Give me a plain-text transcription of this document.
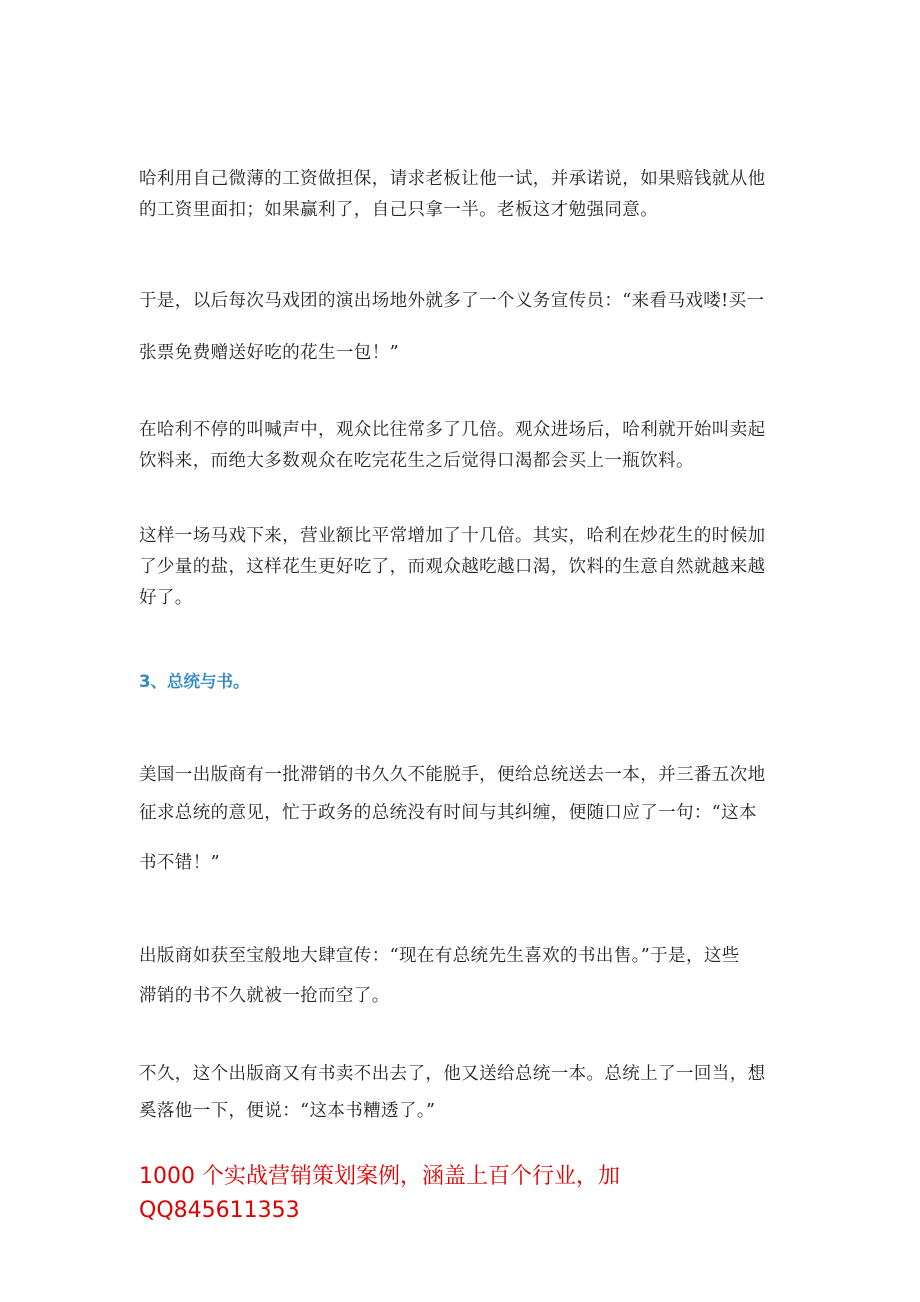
哈利用自己微薄的工资做担保，请求老板让他一试，并承诺说，如果赔钱就从他
的工资里面扣；如果赢利了，自己只拿一半。老板这才勉强同意。

于是，以后每次马戏团的演出场地外就多了一个义务宣传员：“来看马戏喽!买一
张票免费赠送好吃的花生一包！”

在哈利不停的叫喊声中，观众比往常多了几倍。观众进场后，哈利就开始叫卖起
饮料来，而绝大多数观众在吃完花生之后觉得口渴都会买上一瓶饮料。

这样一场马戏下来，营业额比平常增加了十几倍。其实，哈利在炒花生的时候加
了少量的盐，这样花生更好吃了，而观众越吃越口渴，饮料的生意自然就越来越
好了。

3、总统与书。

美国一出版商有一批滞销的书久久不能脱手，便给总统送去一本，并三番五次地
征求总统的意见，忙于政务的总统没有时间与其纠缠，便随口应了一句：“这本
书不错！”

出版商如获至宝般地大肆宣传：“现在有总统先生喜欢的书出售。”于是，这些
滞销的书不久就被一抢而空了。

不久，这个出版商又有书卖不出去了，他又送给总统一本。总统上了一回当，想
奚落他一下，便说：“这本书糟透了。”

1000 个实战营销策划案例，涵盖上百个行业，加
QQ845611353
